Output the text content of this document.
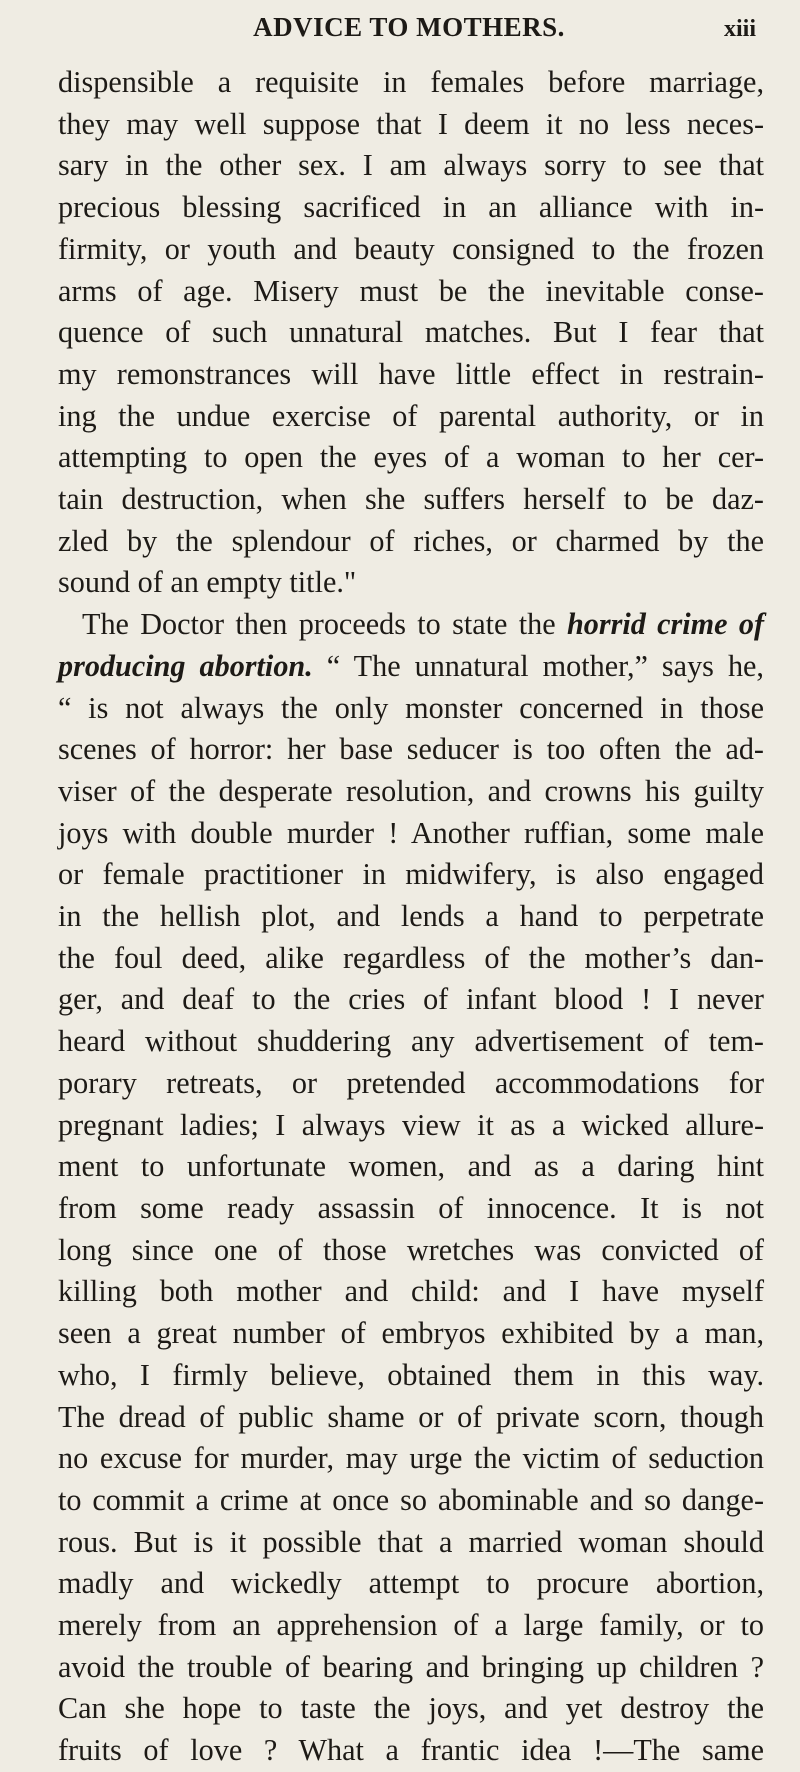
ADVICE TO MOTHERS.	xiii
dispensible a requisite in females before marriage,
they may well suppose that I deem it no less neces-
sary in the other sex. I am always sorry to see that
precious blessing sacrificed in an alliance with in-
firmity, or youth and beauty consigned to the frozen
arms of age. Misery must be the inevitable conse-
quence of such unnatural matches. But I fear that
my remonstrances will have little effect in restrain-
ing the undue exercise of parental authority, or in
attempting to open the eyes of a woman to her cer-
tain destruction, when she suffers herself to be daz-
zled by the splendour of riches, or charmed by the
sound of an empty title."
The Doctor then proceeds to state the horrid crime of
producing abortion. “ The unnatural mother,” says he,
“ is not always the only monster concerned in those
scenes of horror: her base seducer is too often the ad-
viser of the desperate resolution, and crowns his guilty
joys with double murder ! Another ruffian, some male
or female practitioner in midwifery, is also engaged
in the hellish plot, and lends a hand to perpetrate
the foul deed, alike regardless of the mother’s dan-
ger, and deaf to the cries of infant blood ! I never
heard without shuddering any advertisement of tem-
porary retreats, or pretended accommodations for
pregnant ladies; I always view it as a wicked allure-
ment to unfortunate women, and as a daring hint
from some ready assassin of innocence. It is not
long since one of those wretches was convicted of
killing both mother and child: and I have myself
seen a great number of embryos exhibited by a man,
who, I firmly believe, obtained them in this way.
The dread of public shame or of private scorn, though
no excuse for murder, may urge the victim of seduction
to commit a crime at once so abominable and so dange-
rous. But is it possible that a married woman should
madly and wickedly attempt to procure abortion,
merely from an apprehension of a large family, or to
avoid the trouble of bearing and bringing up children ?
Can she hope to taste the joys, and yet destroy the
fruits of love ? What a frantic idea !—The same
